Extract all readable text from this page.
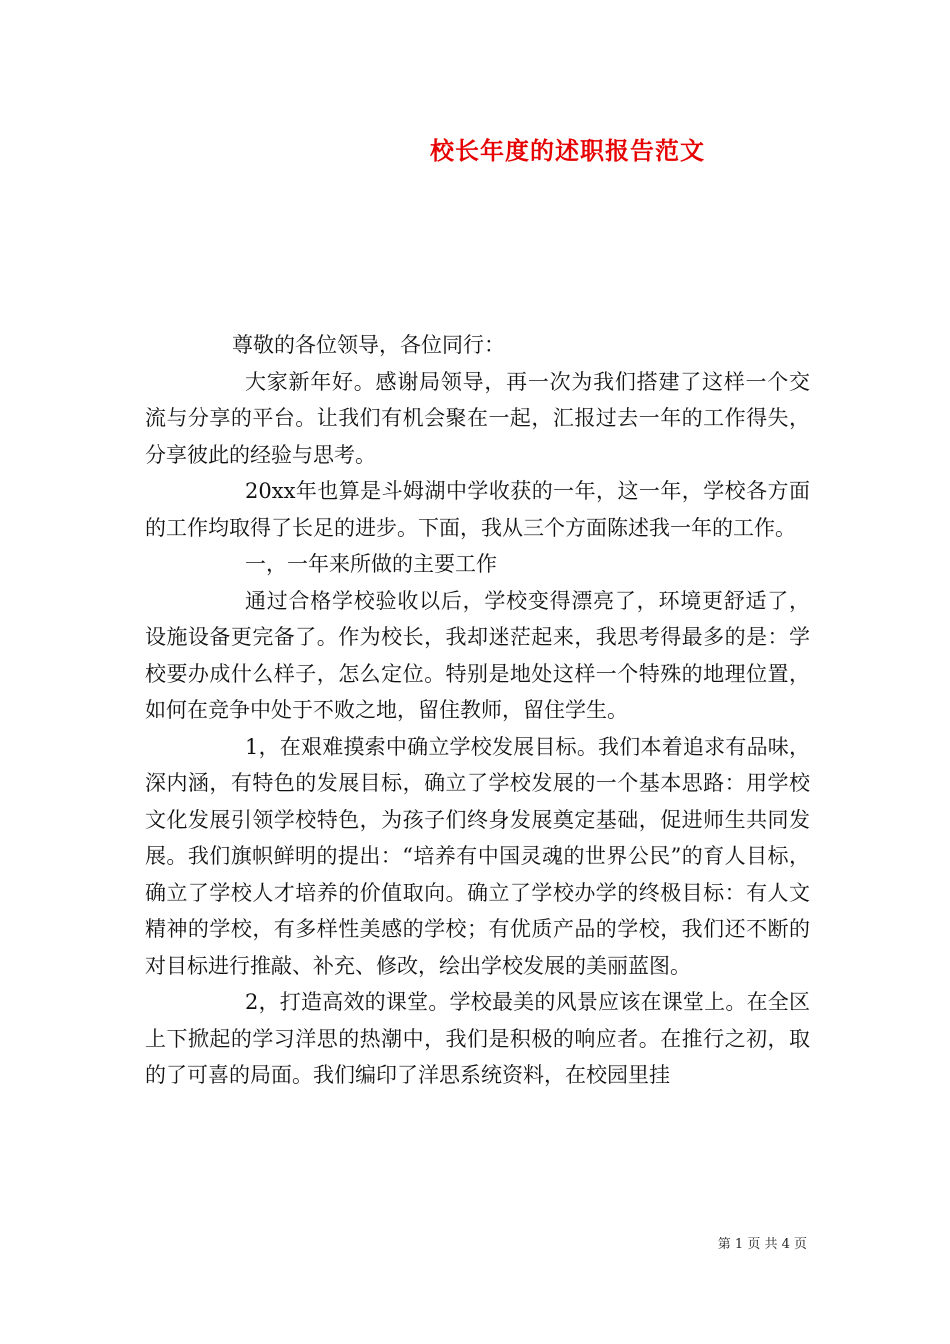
校长年度的述职报告范文

尊敬的各位领导，各位同行：

大家新年好。感谢局领导，再一次为我们搭建了这样一个交流与分享的平台。让我们有机会聚在一起，汇报过去一年的工作得失，分享彼此的经验与思考。

20xx年也算是斗姆湖中学收获的一年，这一年，学校各方面的工作均取得了长足的进步。下面，我从三个方面陈述我一年的工作。

一，一年来所做的主要工作

通过合格学校验收以后，学校变得漂亮了，环境更舒适了，设施设备更完备了。作为校长，我却迷茫起来，我思考得最多的是：学校要办成什么样子，怎么定位。特别是地处这样一个特殊的地理位置，如何在竞争中处于不败之地，留住教师，留住学生。

1，在艰难摸索中确立学校发展目标。我们本着追求有品味，深内涵，有特色的发展目标，确立了学校发展的一个基本思路：用学校文化发展引领学校特色，为孩子们终身发展奠定基础，促进师生共同发展。我们旗帜鲜明的提出：“培养有中国灵魂的世界公民”的育人目标，确立了学校人才培养的价值取向。确立了学校办学的终极目标：有人文精神的学校，有多样性美感的学校；有优质产品的学校，我们还不断的对目标进行推敲、补充、修改，绘出学校发展的美丽蓝图。

2，打造高效的课堂。学校最美的风景应该在课堂上。在全区上下掀起的学习洋思的热潮中，我们是积极的响应者。在推行之初，取的了可喜的局面。我们编印了洋思系统资料，在校园里挂

第 1 页 共 4 页
